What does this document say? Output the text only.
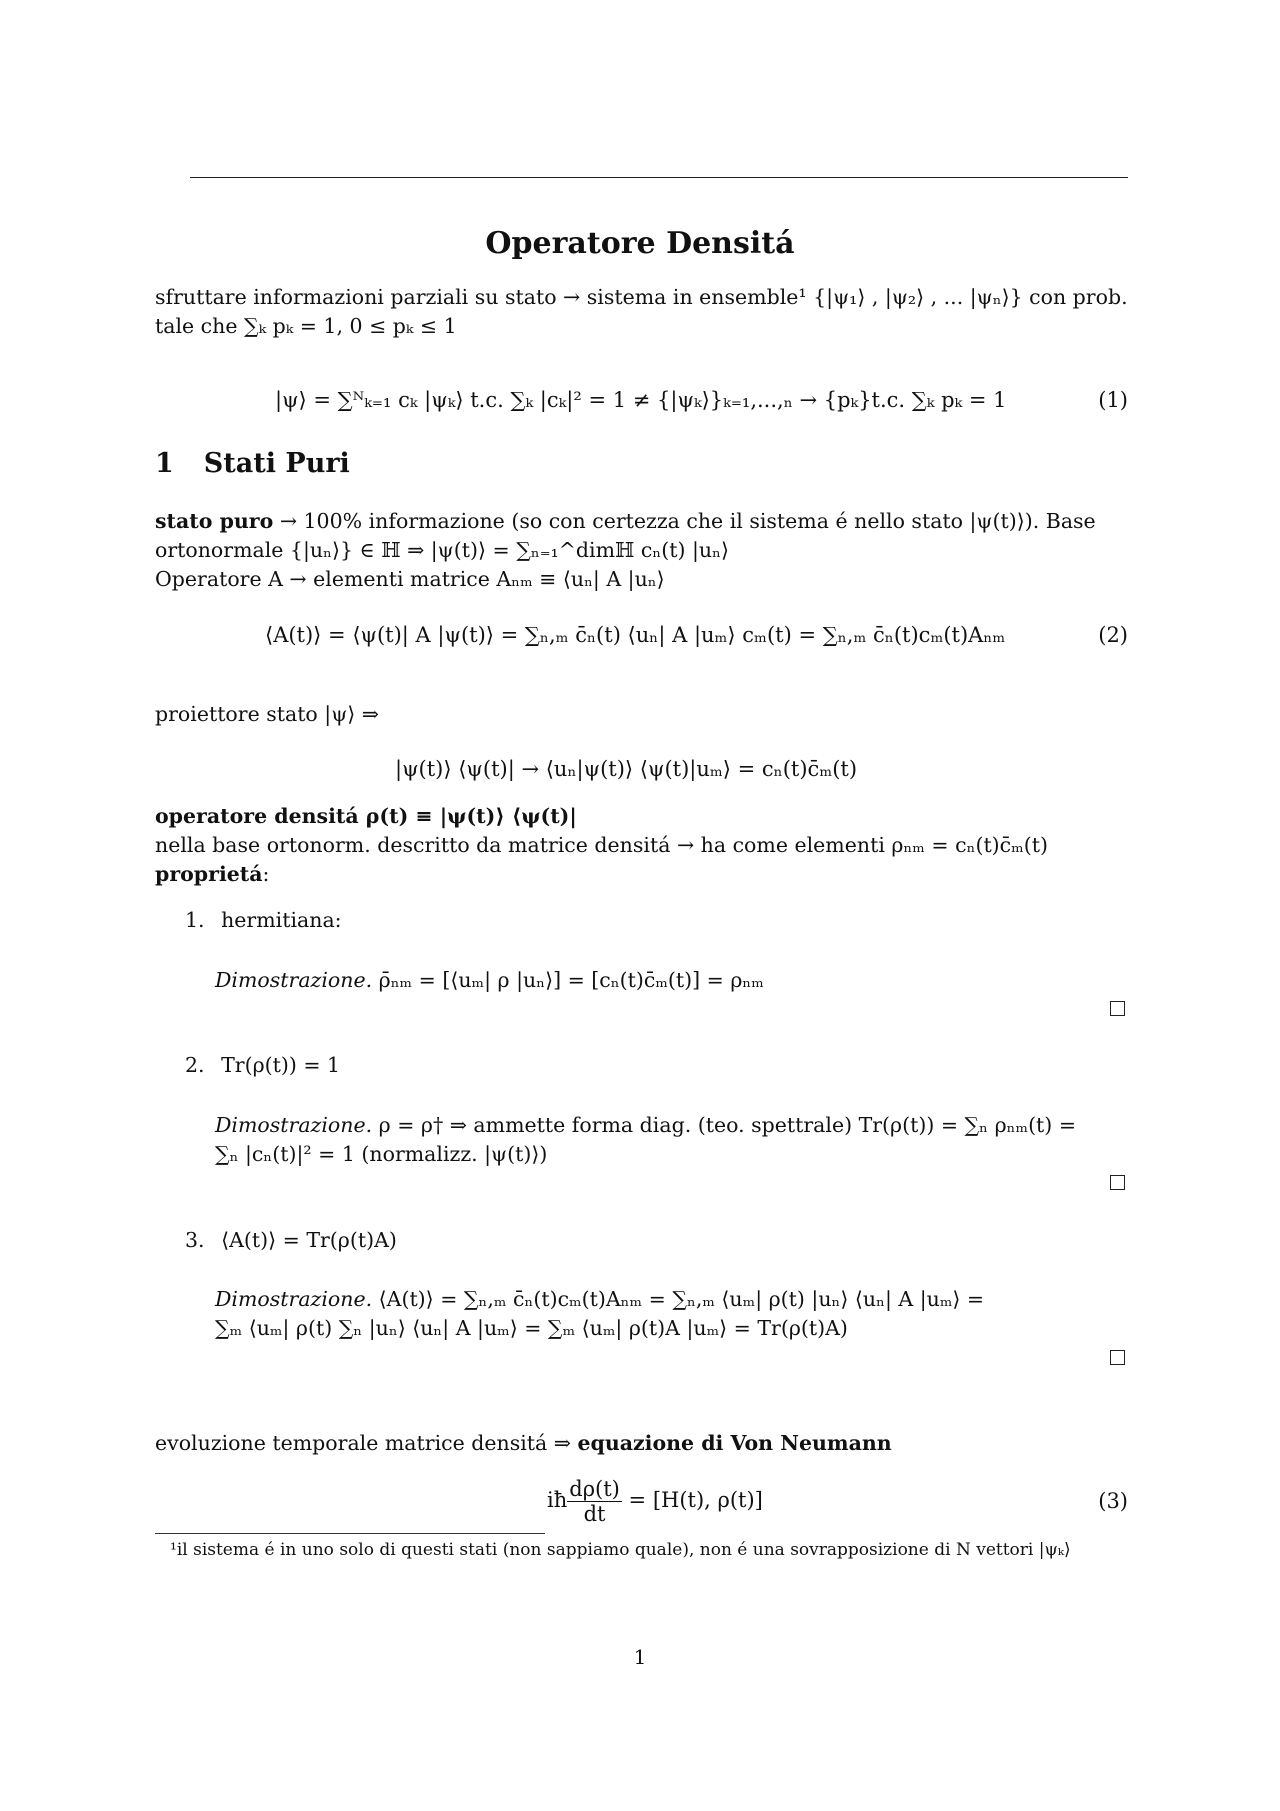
Operatore Densitá
sfruttare informazioni parziali su stato → sistema in ensemble¹ {|ψ₁⟩ , |ψ₂⟩ , ... |ψₙ⟩} con prob.
tale che ∑ₖ pₖ = 1, 0 ≤ pₖ ≤ 1
|ψ⟩ = ∑ᴺₖ₌₁ cₖ |ψₖ⟩ t.c. ∑ₖ |cₖ|² = 1 ≠ {|ψₖ⟩}ₖ₌₁,...,ₙ → {pₖ}t.c. ∑ₖ pₖ = 1	(1)
1 Stati Puri
stato puro → 100% informazione (so con certezza che il sistema é nello stato |ψ(t)⟩). Base
ortonormale {|uₙ⟩} ∈ ℍ ⇒ |ψ(t)⟩ = ∑ₙ₌₁^dimℍ cₙ(t) |uₙ⟩
Operatore A → elementi matrice Aₙₘ ≡ ⟨uₙ| A |uₙ⟩
⟨A(t)⟩ = ⟨ψ(t)| A |ψ(t)⟩ = ∑ₙ,ₘ c̄ₙ(t) ⟨uₙ| A |uₘ⟩ cₘ(t) = ∑ₙ,ₘ c̄ₙ(t)cₘ(t)Aₙₘ	(2)
proiettore stato |ψ⟩ ⇒
|ψ(t)⟩ ⟨ψ(t)| → ⟨uₙ|ψ(t)⟩ ⟨ψ(t)|uₘ⟩ = cₙ(t)c̄ₘ(t)
operatore densitá ρ(t) ≡ |ψ(t)⟩ ⟨ψ(t)|
nella base ortonorm. descritto da matrice densitá → ha come elementi ρₙₘ = cₙ(t)c̄ₘ(t)
proprietá:
1. hermitiana:
Dimostrazione. ρ̄ₙₘ = [⟨uₘ| ρ |uₙ⟩] = [cₙ(t)c̄ₘ(t)] = ρₙₘ
2. Tr(ρ(t)) = 1
Dimostrazione. ρ = ρ† ⇒ ammette forma diag. (teo. spettrale) Tr(ρ(t)) = ∑ₙ ρₙₘ(t) =
∑ₙ |cₙ(t)|² = 1 (normalizz. |ψ(t)⟩)
3. ⟨A(t)⟩ = Tr(ρ(t)A)
Dimostrazione. ⟨A(t)⟩ = ∑ₙ,ₘ c̄ₙ(t)cₘ(t)Aₙₘ = ∑ₙ,ₘ ⟨uₘ| ρ(t) |uₙ⟩ ⟨uₙ| A |uₘ⟩ =
∑ₘ ⟨uₘ| ρ(t) ∑ₙ |uₙ⟩ ⟨uₙ| A |uₘ⟩ = ∑ₘ ⟨uₘ| ρ(t)A |uₘ⟩ = Tr(ρ(t)A)
evoluzione temporale matrice densitá ⇒ equazione di Von Neumann
iħ $\frac{d\rho(t)}{dt} = [H(t)$, ρ(t)]	(3)
¹il sistema é in uno solo di questi stati (non sappiamo quale), non é una sovrapposizione di N vettori |ψₖ⟩
1
